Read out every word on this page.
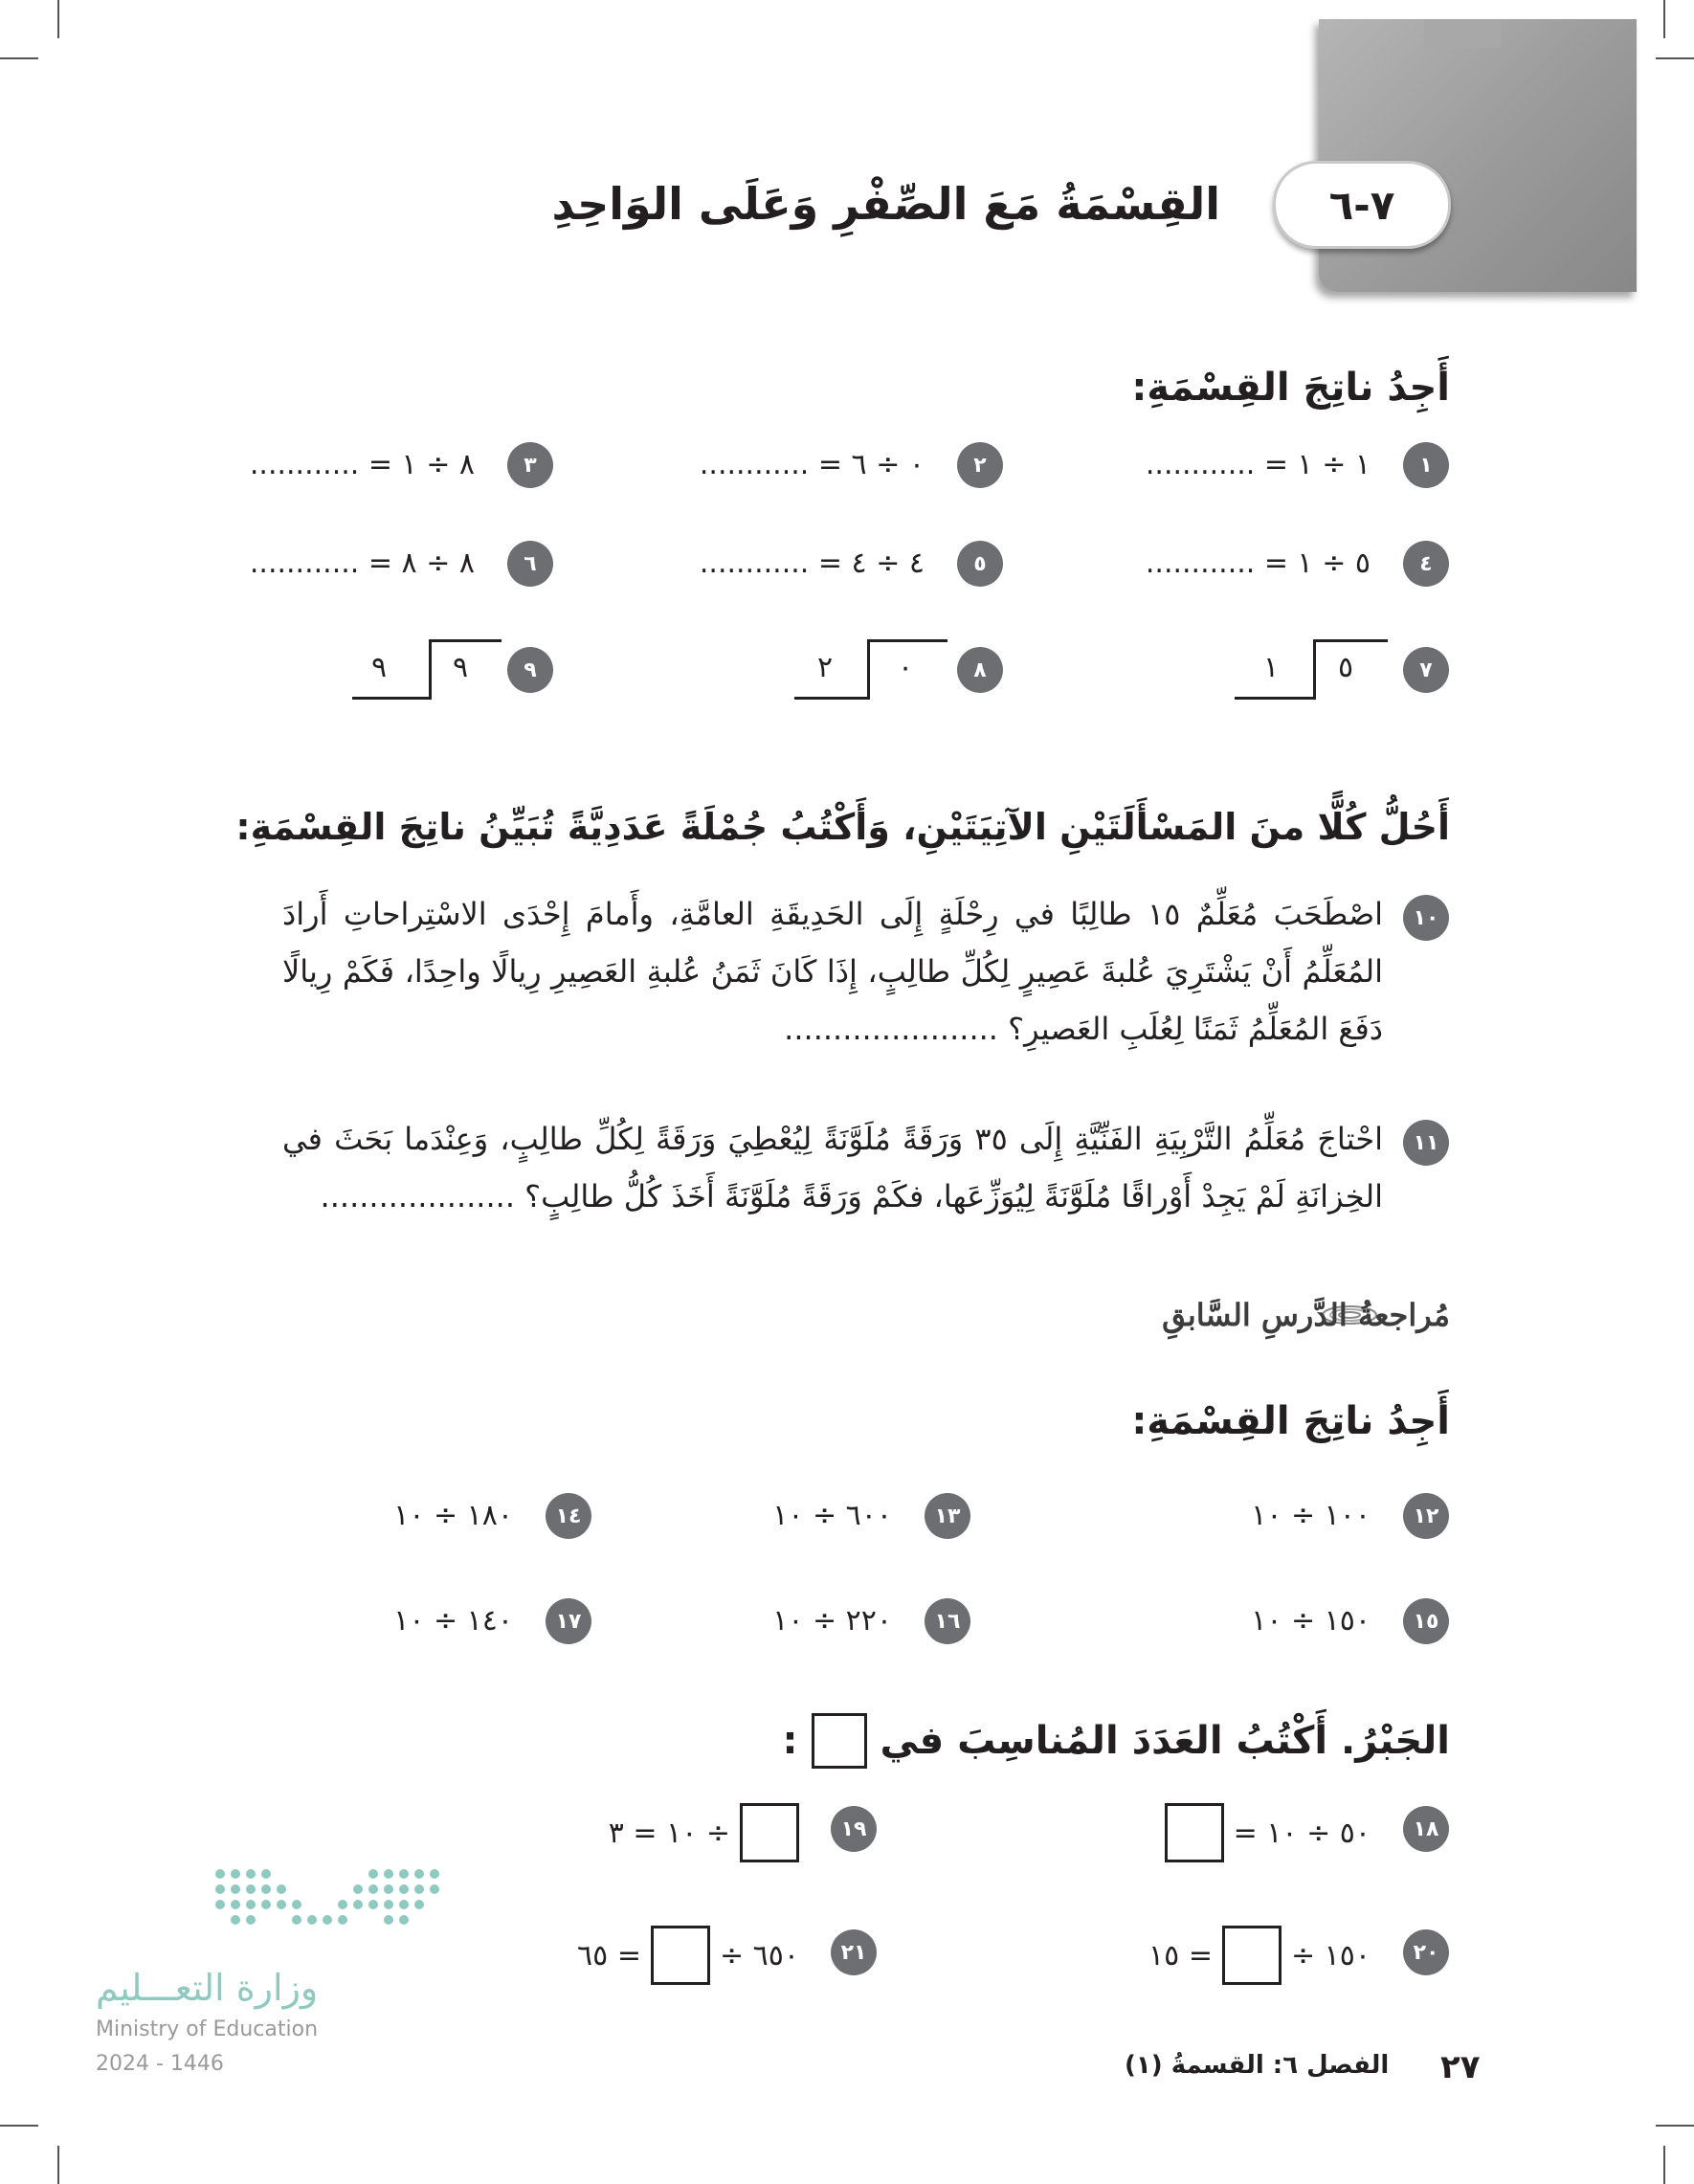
٧-٦
القِسْمَةُ مَعَ الصِّفْرِ وَعَلَى الوَاحِدِ
أَجِدُ ناتِجَ القِسْمَةِ:
١
١ ÷ ١ = ............
٢
٠ ÷ ٦ = ............
٣
٨ ÷ ١ = ............
٤
٥ ÷ ١ = ............
٥
٤ ÷ ٤ = ............
٦
٨ ÷ ٨ = ............
٧
٥
١
٨
٠
٢
٩
٩
٩
أَحُلُّ كُلًّا منَ المَسْأَلَتَيْنِ الآتِيَتَيْنِ، وَأَكْتُبُ جُمْلَةً عَدَدِيَّةً تُبَيِّنُ ناتِجَ القِسْمَةِ:
١٠
اصْطَحَبَ مُعَلِّمٌ ١٥ طالِبًا في رِحْلَةٍ إِلَى الحَدِيقَةِ العامَّةِ، وأَمامَ إِحْدَى الاسْتِراحاتِ أَرادَ المُعَلِّمُ أَنْ يَشْتَرِيَ عُلبةَ عَصِيرٍ لِكُلِّ طالِبٍ، إِذَا كَانَ ثَمَنُ عُلبةِ العَصِيرِ رِيالًا واحِدًا، فَكَمْ رِيالًا دَفَعَ المُعَلِّمُ ثَمَنًا لِعُلَبِ العَصيرِ؟ ......................
١١
احْتاجَ مُعَلِّمُ التَّرْبِيَةِ الفَنِّيَّةِ إِلَى ٣٥ وَرَقَةً مُلَوَّنَةً لِيُعْطِيَ وَرَقَةً لِكُلِّ طالِبٍ، وَعِنْدَما بَحَثَ في الخِزانَةِ لَمْ يَجِدْ أَوْراقًا مُلَوَّنَةً لِيُوَزِّعَها، فكَمْ وَرَقَةً مُلَوَّنَةً أَخَذَ كُلُّ طالِبٍ؟ ....................
مُراجعةُ الدَّرسِ السَّابقِ
أَجِدُ ناتِجَ القِسْمَةِ:
١٢
١٠٠ ÷ ١٠
١٣
٦٠٠ ÷ ١٠
١٤
١٨٠ ÷ ١٠
١٥
١٥٠ ÷ ١٠
١٦
٢٢٠ ÷ ١٠
١٧
١٤٠ ÷ ١٠
الجَبْرُ. أَكْتُبُ العَدَدَ المُناسِبَ في
:
١٨
٥٠ ÷ ١٠ =
١٩
÷ ١٠ = ٣
٢٠
١٥٠ ÷
= ١٥
٢١
٦٥٠ ÷
= ٦٥
وزارة التعـــليم
Ministry of Education
2024 - 1446	٢٧
الفصل ٦: القسمةُ (١)
